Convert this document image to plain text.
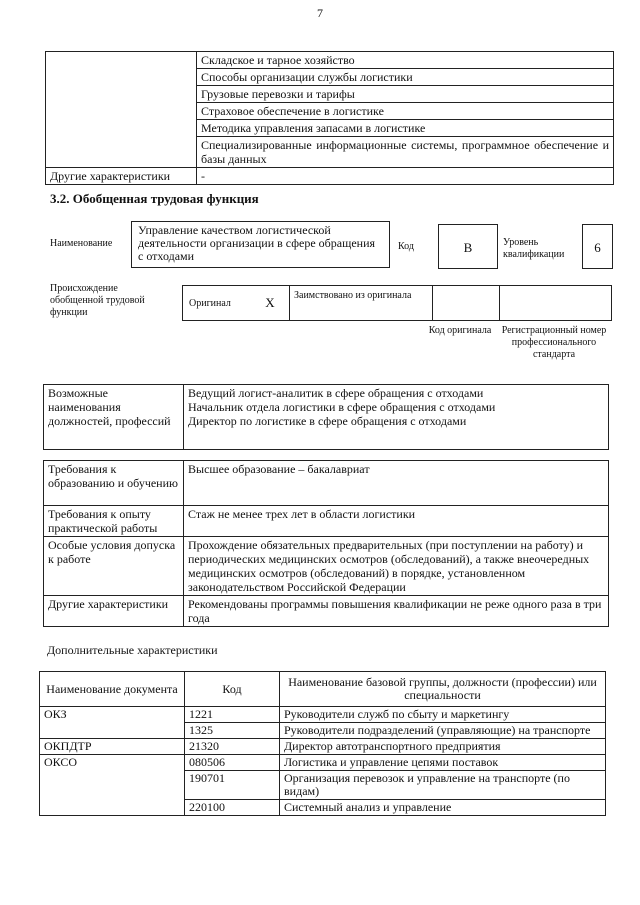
7
	Складское и тарное хозяйство
	Способы организации службы логистики
	Грузовые перевозки и тарифы
	Страховое обеспечение в логистике
	Методика управления запасами в логистике
	Специализированные информационные системы, программное обеспечение и базы данных
Другие характеристики	-
3.2. Обобщенная трудовая функция
Наименование
Управление качеством логистической деятельности организации в сфере обращения с отходами
Код	B	Уровень квалификации	6
Происхождение обобщенной трудовой функции
Оригинал	X	Заимствовано из оригинала		
Код оригинала	Регистрационный номер профессионального стандарта
Возможные наименования должностей, профессий	
Ведущий логист-аналитик в сфере обращения с отходами
Начальник отдела логистики в сфере обращения с отходами
Директор по логистике в сфере обращения с отходами
Требования к образованию и обучению	Высшее образование – бакалавриат
Требования к опыту практической работы	Стаж не менее трех лет в области логистики
Особые условия допуска к работе	Прохождение обязательных предварительных (при поступлении на работу) и периодических медицинских осмотров (обследований), а также внеочередных медицинских осмотров (обследований) в порядке, установленном законодательством Российской Федерации
Другие характеристики	Рекомендованы программы повышения квалификации не реже одного раза в три года
Дополнительные характеристики
Наименование документа	Код	Наименование базовой группы, должности (профессии) или специальности
ОКЗ	1221	Руководители служб по сбыту и маркетингу
	1325	Руководители подразделений (управляющие) на транспорте
ОКПДТР	21320	Директор автотранспортного предприятия
ОКСО	080506	Логистика и управление цепями поставок
	190701	Организация перевозок и управление на транспорте (по видам)
	220100	Системный анализ и управление
